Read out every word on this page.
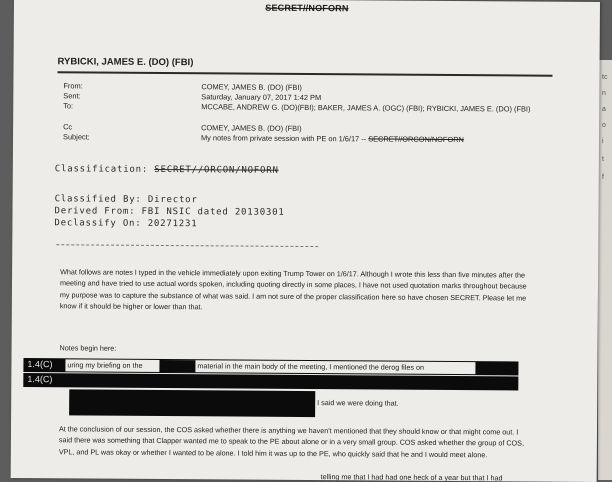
tc
n
a
o
i
t
f
SECRET//NOFORN
RYBICKI, JAMES E. (DO) (FBI)
From:	COMEY, JAMES B. (DO) (FBI)
Sent:	Saturday, January 07, 2017 1:42 PM
To:	MCCABE, ANDREW G. (DO)(FBI); BAKER, JAMES A. (OGC) (FBI); RYBICKI, JAMES E. (DO) (FBI)
Cc	COMEY, JAMES B. (DO) (FBI)
Subject:	My notes from private session with PE on 1/6/17 -- SECRET//ORCON/NOFORN
Classification: SECRET//ORCON/NOFORN
Classified By: Director
Derived From: FBI NSIC dated 20130301
Declassify On: 20271231
What follows are notes I typed in the vehicle immediately upon exiting Trump Tower on 1/6/17. Although I wrote this less than five minutes after the meeting and have tried to use actual words spoken, including quoting directly in some places, I have not used quotation marks throughout because my purpose was to capture the substance of what was said. I am not sure of the proper classification here so have chosen SECRET. Please let me know if it should be higher or lower than that.
Notes begin here:
1.4(C) uring my briefing on the	material in the main body of the meeting, I mentioned the derog files on
1.4(C)
I said we were doing that.
At the conclusion of our session, the COS asked whether there is anything we haven't mentioned that they should know or that might come out. I said there was something that Clapper wanted me to speak to the PE about alone or in a very small group. COS asked whether the group of COS, VPL, and PL was okay or whether I wanted to be alone. I told him it was up to the PE, who quickly said that he and I would meet alone.
telling me that I had had one heck of a year but that I had
